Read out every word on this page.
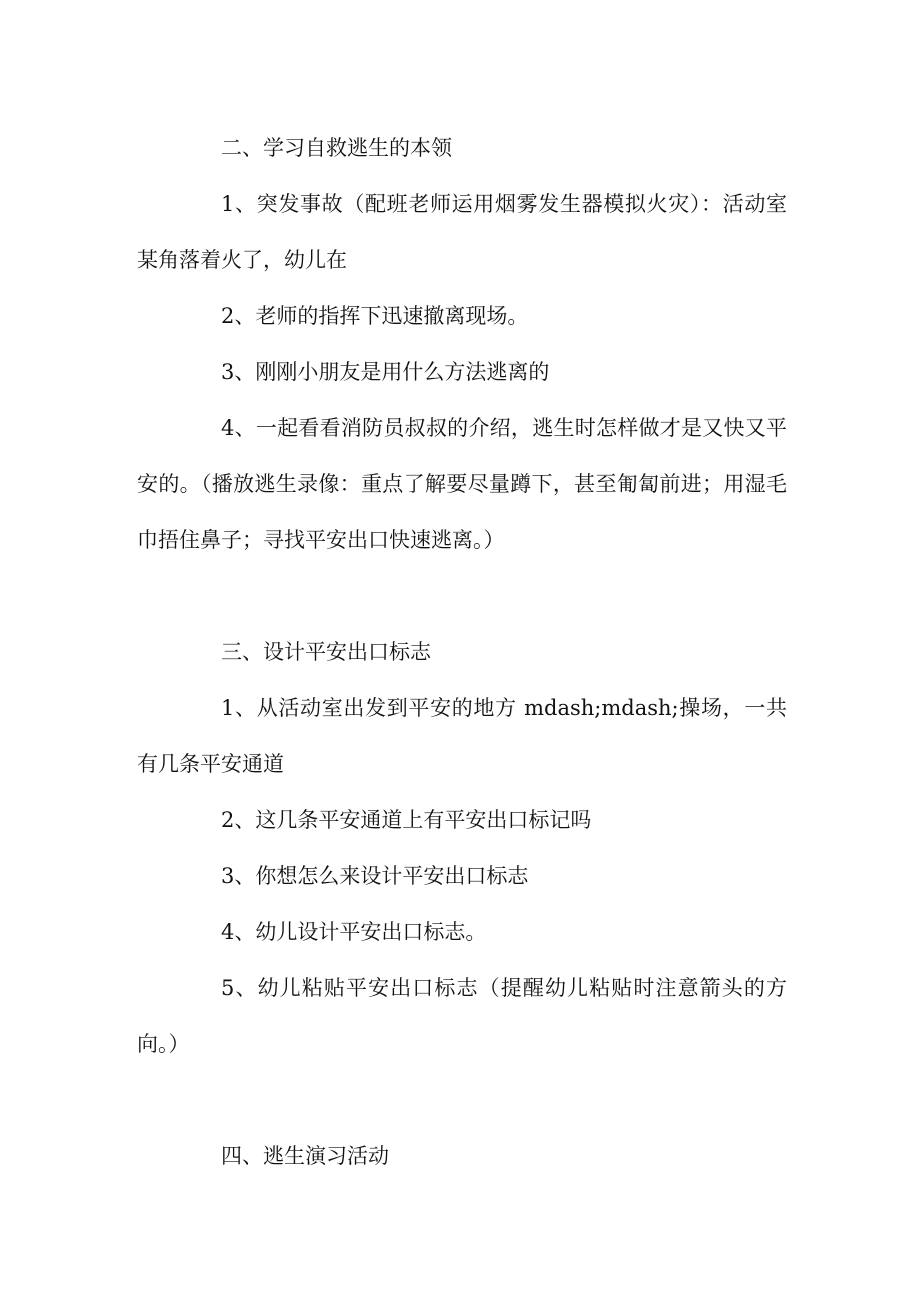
二、学习自救逃生的本领

1、突发事故（配班老师运用烟雾发生器模拟火灾）：活动室某角落着火了，幼儿在

2、老师的指挥下迅速撤离现场。

3、刚刚小朋友是用什么方法逃离的

4、一起看看消防员叔叔的介绍，逃生时怎样做才是又快又平安的。（播放逃生录像：重点了解要尽量蹲下，甚至匍匐前进；用湿毛巾捂住鼻子；寻找平安出口快速逃离。）

三、设计平安出口标志

1、从活动室出发到平安的地方 mdash;mdash;操场，一共有几条平安通道

2、这几条平安通道上有平安出口标记吗

3、你想怎么来设计平安出口标志

4、幼儿设计平安出口标志。

5、幼儿粘贴平安出口标志（提醒幼儿粘贴时注意箭头的方向。）

四、逃生演习活动
